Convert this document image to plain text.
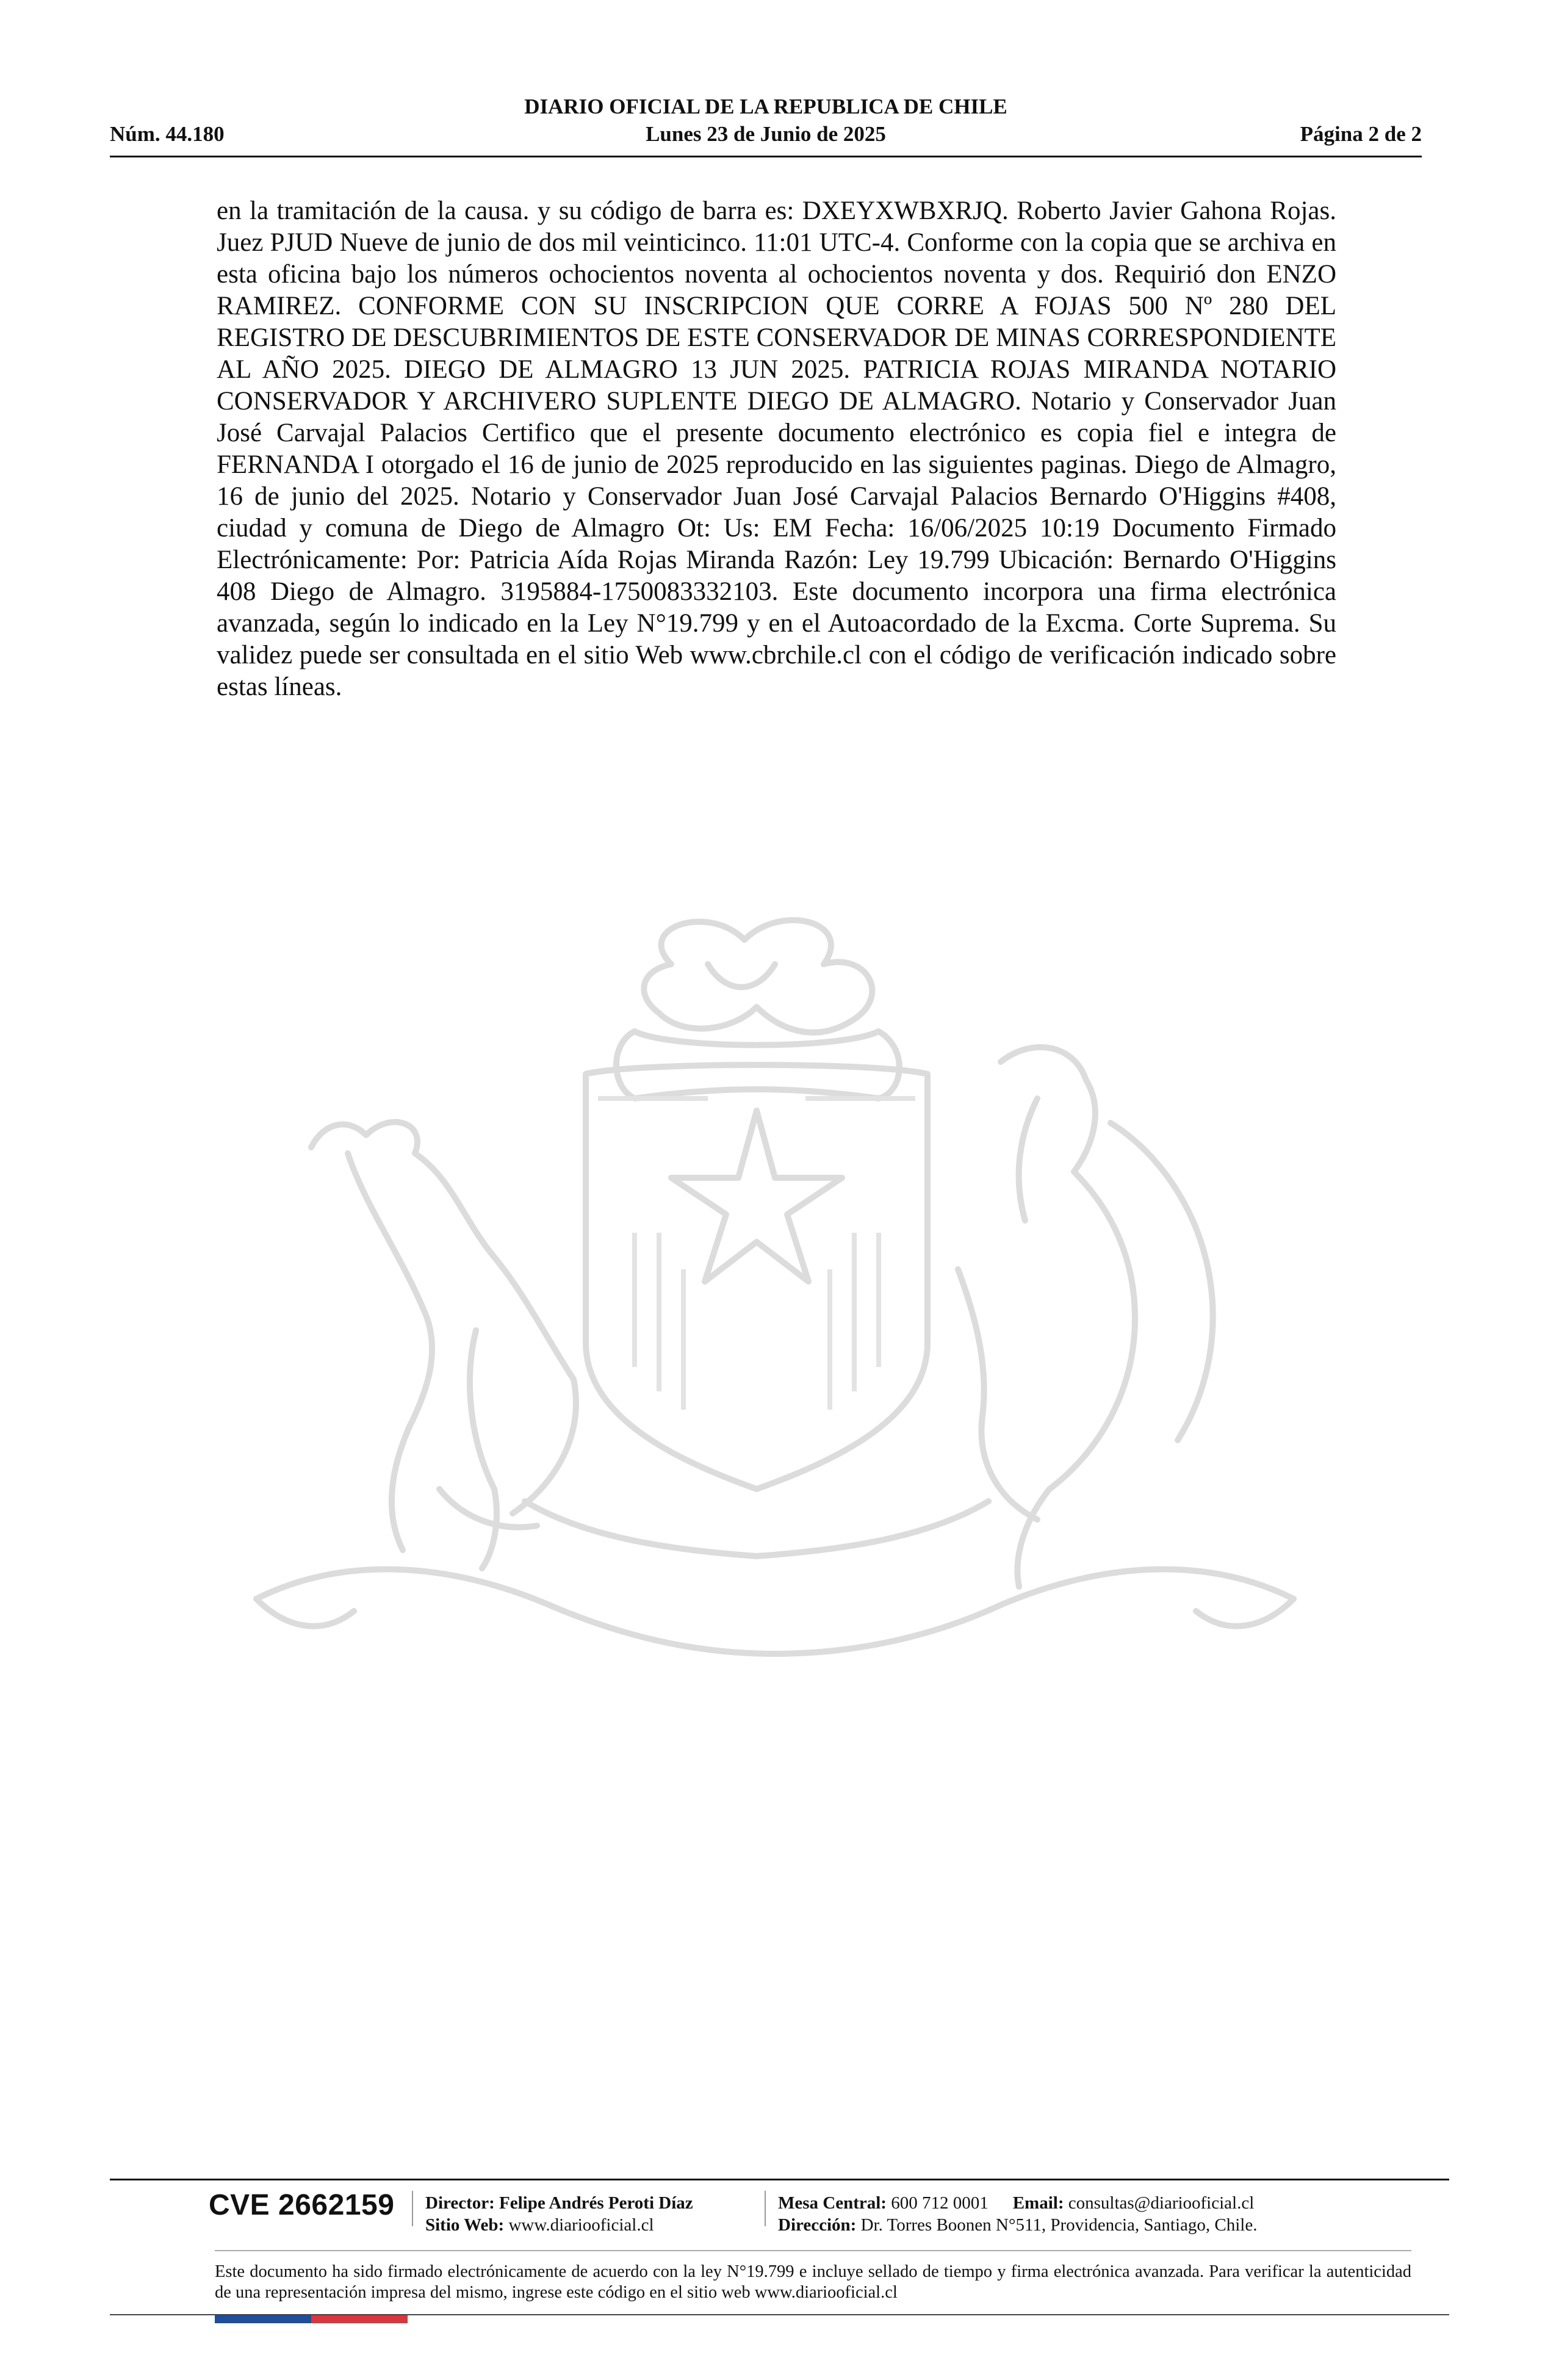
DIARIO OFICIAL DE LA REPUBLICA DE CHILE
Núm. 44.180	Lunes 23 de Junio de 2025	Página 2 de 2

en la tramitación de la causa. y su código de barra es: DXEYXWBXRJQ. Roberto Javier Gahona Rojas. Juez PJUD Nueve de junio de dos mil veinticinco. 11:01 UTC-4. Conforme con la copia que se archiva en esta oficina bajo los números ochocientos noventa al ochocientos noventa y dos. Requirió don ENZO RAMIREZ. CONFORME CON SU INSCRIPCION QUE CORRE A FOJAS 500 Nº 280 DEL REGISTRO DE DESCUBRIMIENTOS DE ESTE CONSERVADOR DE MINAS CORRESPONDIENTE AL AÑO 2025. DIEGO DE ALMAGRO 13 JUN 2025. PATRICIA ROJAS MIRANDA NOTARIO CONSERVADOR Y ARCHIVERO SUPLENTE DIEGO DE ALMAGRO. Notario y Conservador Juan José Carvajal Palacios Certifico que el presente documento electrónico es copia fiel e integra de FERNANDA I otorgado el 16 de junio de 2025 reproducido en las siguientes paginas. Diego de Almagro, 16 de junio del 2025. Notario y Conservador Juan José Carvajal Palacios Bernardo O'Higgins #408, ciudad y comuna de Diego de Almagro Ot: Us: EM Fecha: 16/06/2025 10:19 Documento Firmado Electrónicamente: Por: Patricia Aída Rojas Miranda Razón: Ley 19.799 Ubicación: Bernardo O'Higgins 408 Diego de Almagro. 3195884-1750083332103. Este documento incorpora una firma electrónica avanzada, según lo indicado en la Ley N°19.799 y en el Autoacordado de la Excma. Corte Suprema. Su validez puede ser consultada en el sitio Web www.cbrchile.cl con el código de verificación indicado sobre estas líneas.

CVE 2662159 Director: Felipe Andrés Peroti Díaz
Sitio Web: www.diariooficial.cl
Mesa Central: 600 712 0001 Email: consultas@diariooficial.cl
Dirección: Dr. Torres Boonen N°511, Providencia, Santiago, Chile.
Este documento ha sido firmado electrónicamente de acuerdo con la ley N°19.799 e incluye sellado de tiempo y firma electrónica avanzada. Para verificar la autenticidad de una representación impresa del mismo, ingrese este código en el sitio web www.diariooficial.cl
